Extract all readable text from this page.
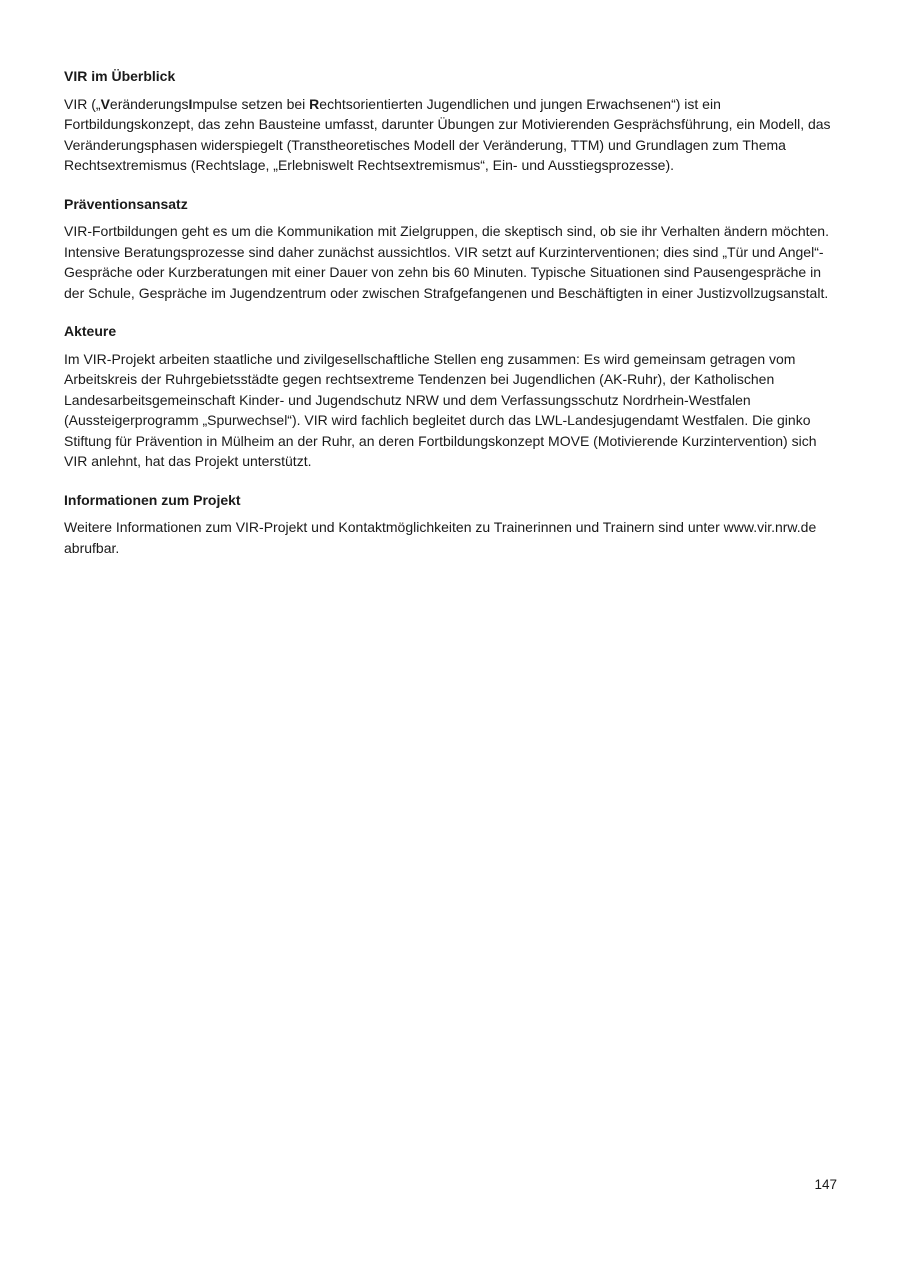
VIR im Überblick

VIR („VeränderungsImpulse setzen bei Rechtsorientierten Jugendlichen und jungen Erwachsenen“) ist ein Fortbildungskonzept, das zehn Bausteine umfasst, darunter Übungen zur Motivierenden Gesprächsführung, ein Modell, das Veränderungsphasen widerspiegelt (Transtheoretisches Modell der Veränderung, TTM) und Grundlagen zum Thema Rechtsextremismus (Rechtslage, „Erlebniswelt Rechtsextremismus“, Ein- und Ausstiegsprozesse).

Präventionsansatz

VIR-Fortbildungen geht es um die Kommunikation mit Zielgruppen, die skeptisch sind, ob sie ihr Verhalten ändern möchten. Intensive Beratungsprozesse sind daher zunächst aussichtlos. VIR setzt auf Kurzinterventionen; dies sind „Tür und Angel“-Gespräche oder Kurzberatungen mit einer Dauer von zehn bis 60 Minuten. Typische Situationen sind Pausengespräche in der Schule, Gespräche im Jugendzentrum oder zwischen Strafgefangenen und Beschäftigten in einer Justizvollzugsanstalt.

Akteure

Im VIR-Projekt arbeiten staatliche und zivilgesellschaftliche Stellen eng zusammen: Es wird gemeinsam getragen vom Arbeitskreis der Ruhrgebietsstädte gegen rechtsextreme Tendenzen bei Jugendlichen (AK-Ruhr), der Katholischen Landesarbeitsgemeinschaft Kinder- und Jugendschutz NRW und dem Verfassungsschutz Nordrhein-Westfalen (Aussteigerprogramm „Spurwechsel“). VIR wird fachlich begleitet durch das LWL-Landesjugendamt Westfalen. Die ginko Stiftung für Prävention in Mülheim an der Ruhr, an deren Fortbildungskonzept MOVE (Motivierende Kurzintervention) sich VIR anlehnt, hat das Projekt unterstützt.

Informationen zum Projekt

Weitere Informationen zum VIR-Projekt und Kontaktmöglichkeiten zu Trainerinnen und Trainern sind unter www.vir.nrw.de abrufbar.

147
